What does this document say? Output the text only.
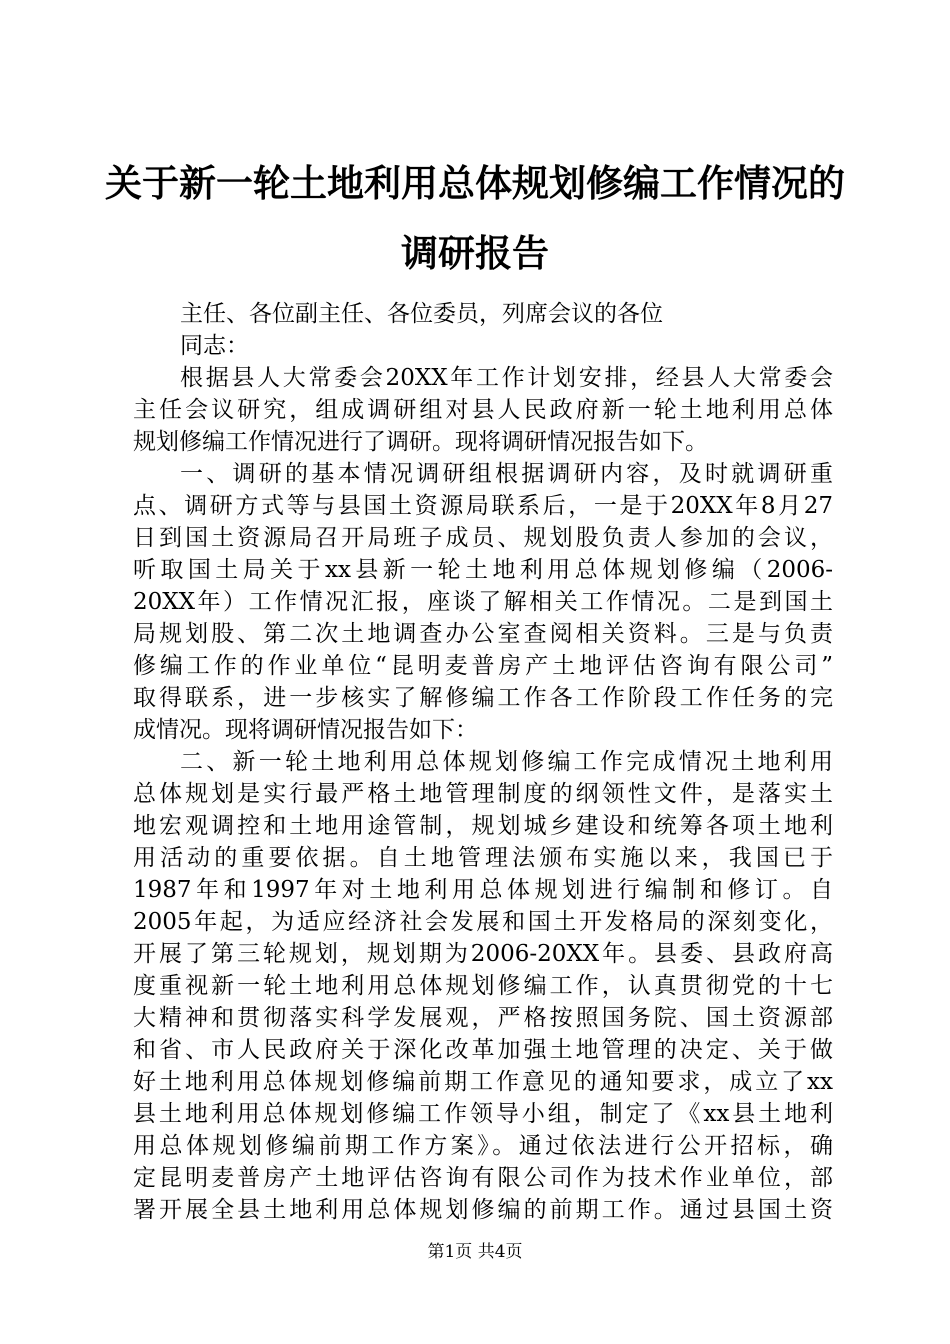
关于新一轮土地利用总体规划修编工作情况的
调研报告
主任、各位副主任、各位委员，列席会议的各位
同志：
根据县人大常委会20XX年工作计划安排，经县人大常委会
主任会议研究，组成调研组对县人民政府新一轮土地利用总体
规划修编工作情况进行了调研。现将调研情况报告如下。
一、调研的基本情况调研组根据调研内容，及时就调研重
点、调研方式等与县国土资源局联系后，一是于20XX年8月27
日到国土资源局召开局班子成员、规划股负责人参加的会议，
听取国土局关于xx县新一轮土地利用总体规划修编（2006-
20XX年）工作情况汇报，座谈了解相关工作情况。二是到国土
局规划股、第二次土地调查办公室查阅相关资料。三是与负责
修编工作的作业单位“昆明麦普房产土地评估咨询有限公司”
取得联系，进一步核实了解修编工作各工作阶段工作任务的完
成情况。现将调研情况报告如下：
二、新一轮土地利用总体规划修编工作完成情况土地利用
总体规划是实行最严格土地管理制度的纲领性文件，是落实土
地宏观调控和土地用途管制，规划城乡建设和统筹各项土地利
用活动的重要依据。自土地管理法颁布实施以来，我国已于
1987年和1997年对土地利用总体规划进行编制和修订。自
2005年起，为适应经济社会发展和国土开发格局的深刻变化，
开展了第三轮规划，规划期为2006-20XX年。县委、县政府高
度重视新一轮土地利用总体规划修编工作，认真贯彻党的十七
大精神和贯彻落实科学发展观，严格按照国务院、国土资源部
和省、市人民政府关于深化改革加强土地管理的决定、关于做
好土地利用总体规划修编前期工作意见的通知要求，成立了xx
县土地利用总体规划修编工作领导小组，制定了《xx县土地利
用总体规划修编前期工作方案》。通过依法进行公开招标，确
定昆明麦普房产土地评估咨询有限公司作为技术作业单位，部
署开展全县土地利用总体规划修编的前期工作。通过县国土资
第1页 共4页
